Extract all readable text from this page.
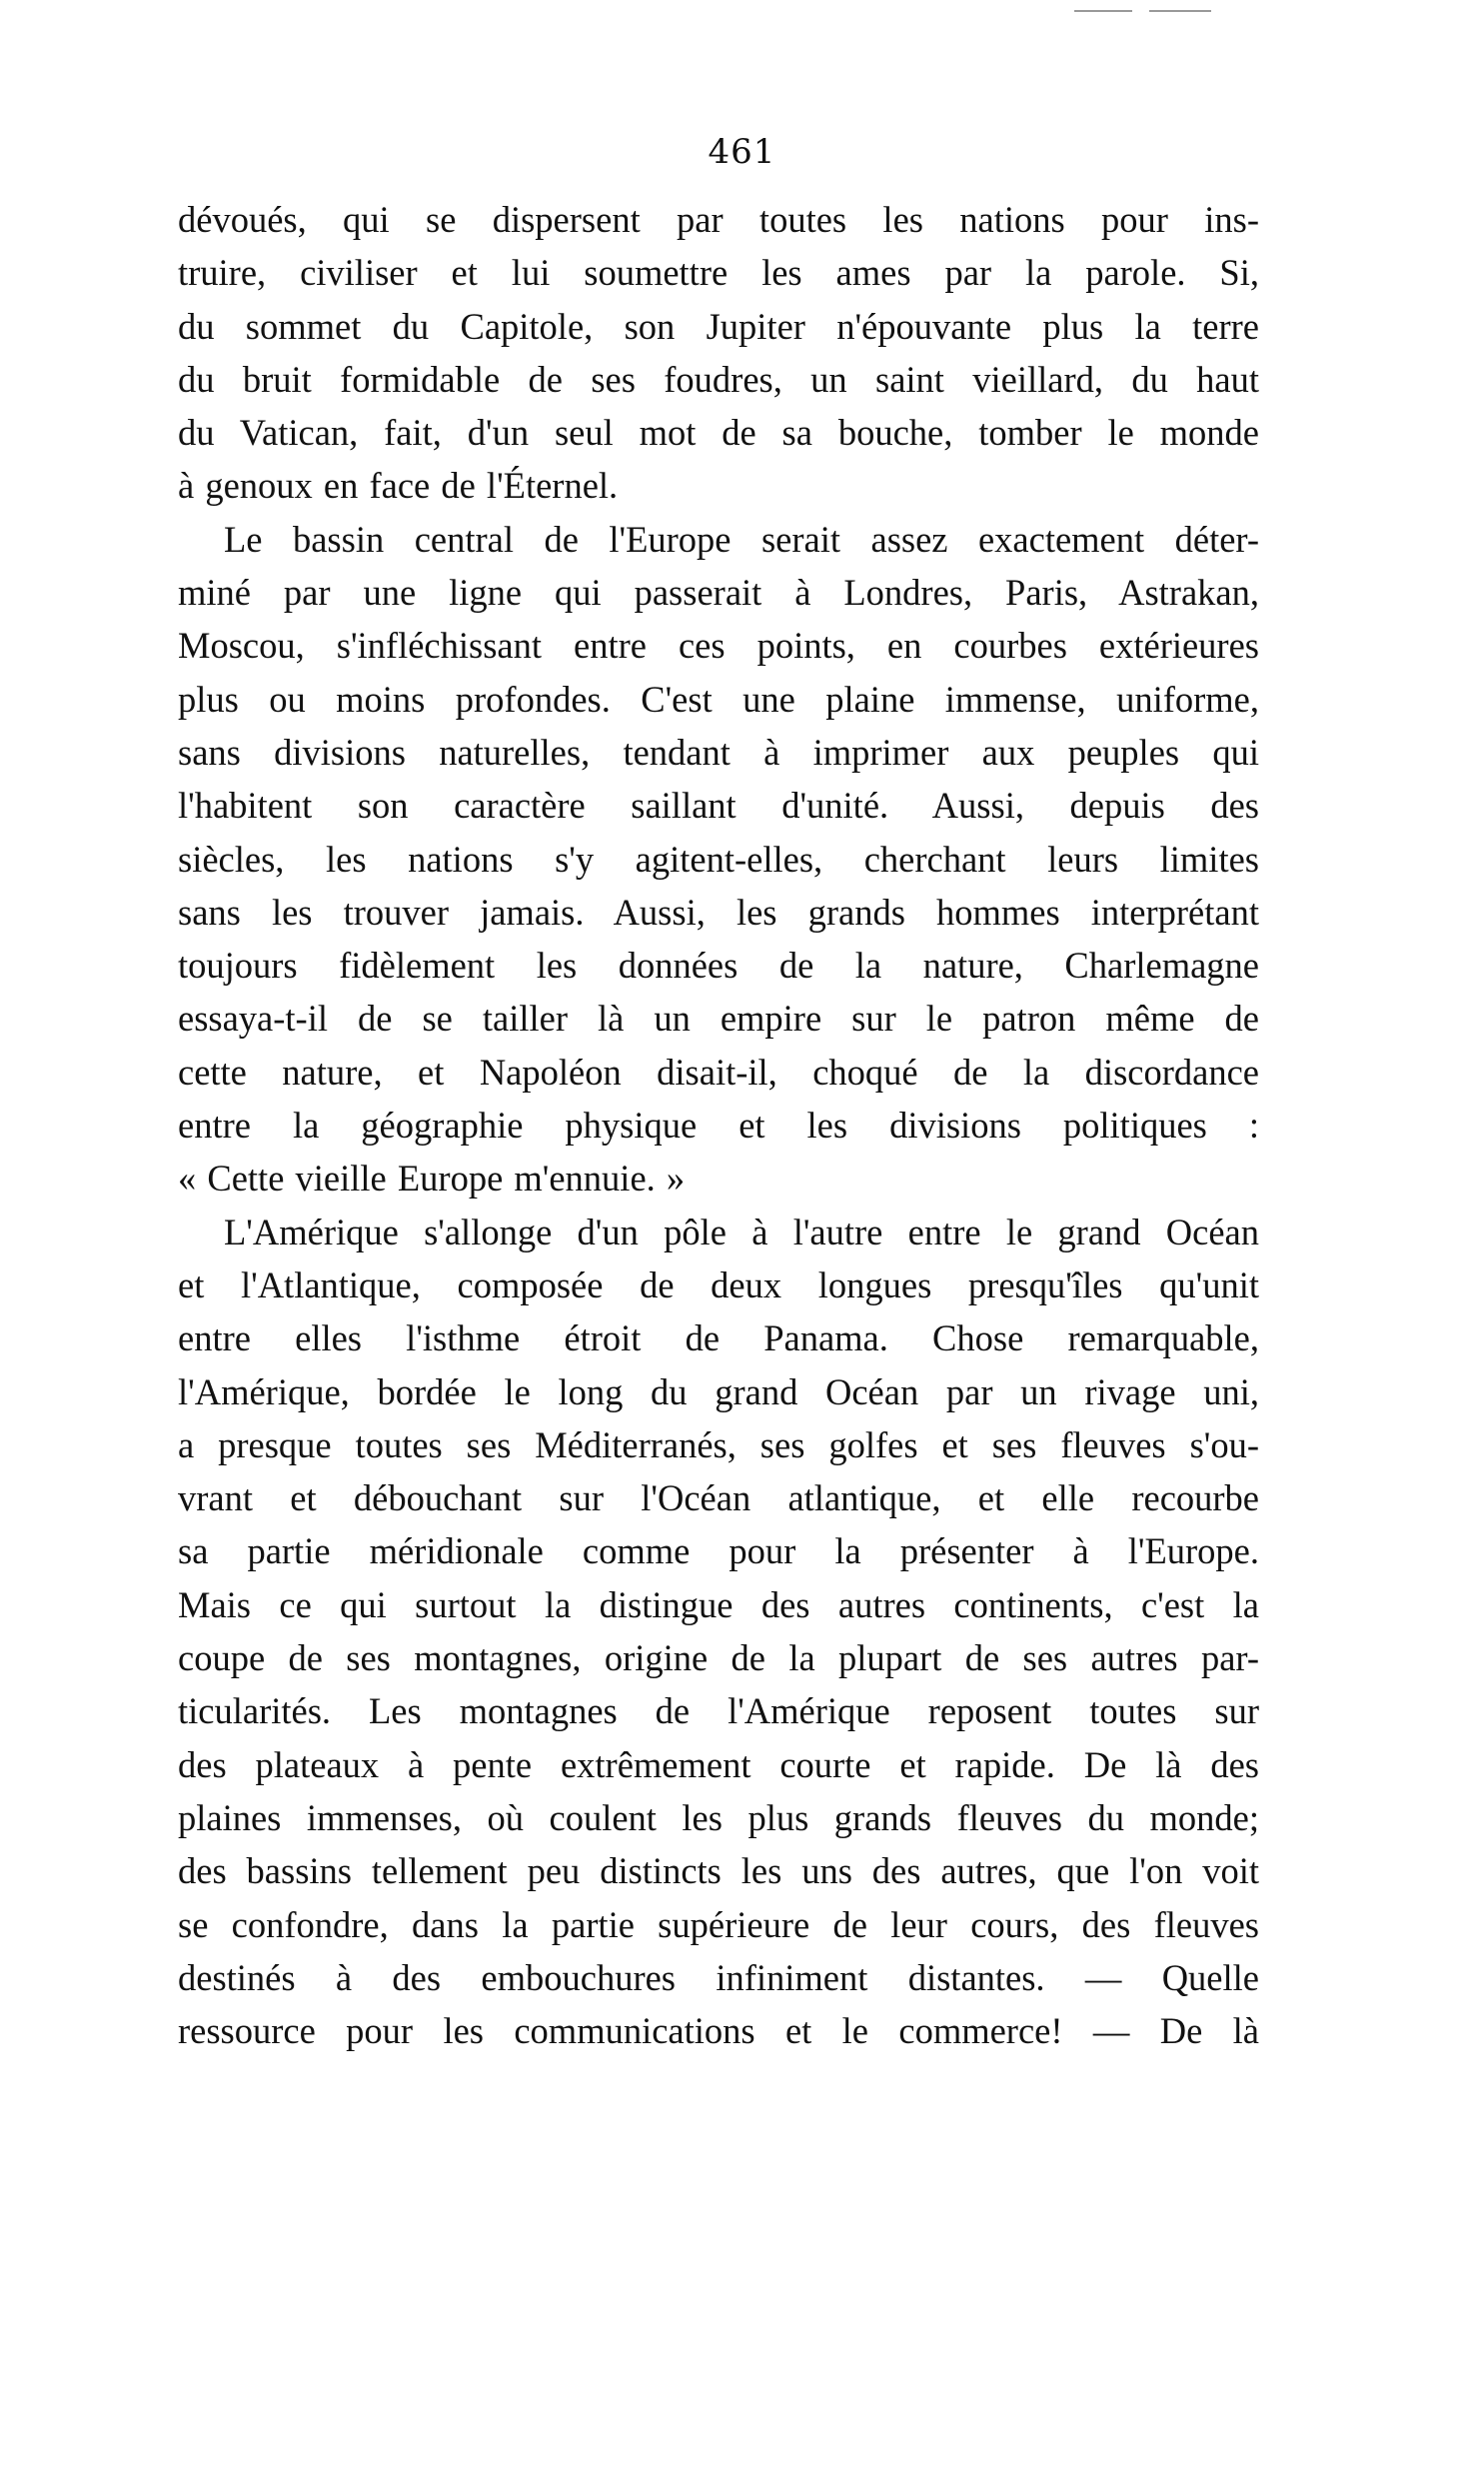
461
dévoués, qui se dispersent par toutes les nations pour ins-
truire, civiliser et lui soumettre les ames par la parole. Si,
du sommet du Capitole, son Jupiter n'épouvante plus la terre
du bruit formidable de ses foudres, un saint vieillard, du haut
du Vatican, fait, d'un seul mot de sa bouche, tomber le monde
à genoux en face de l'Éternel.
Le bassin central de l'Europe serait assez exactement déter-
miné par une ligne qui passerait à Londres, Paris, Astrakan,
Moscou, s'infléchissant entre ces points, en courbes extérieures
plus ou moins profondes. C'est une plaine immense, uniforme,
sans divisions naturelles, tendant à imprimer aux peuples qui
l'habitent son caractère saillant d'unité. Aussi, depuis des
siècles, les nations s'y agitent-elles, cherchant leurs limites
sans les trouver jamais. Aussi, les grands hommes interprétant
toujours fidèlement les données de la nature, Charlemagne
essaya-t-il de se tailler là un empire sur le patron même de
cette nature, et Napoléon disait-il, choqué de la discordance
entre la géographie physique et les divisions politiques :
« Cette vieille Europe m'ennuie. »
L'Amérique s'allonge d'un pôle à l'autre entre le grand Océan
et l'Atlantique, composée de deux longues presqu'îles qu'unit
entre elles l'isthme étroit de Panama. Chose remarquable,
l'Amérique, bordée le long du grand Océan par un rivage uni,
a presque toutes ses Méditerranés, ses golfes et ses fleuves s'ou-
vrant et débouchant sur l'Océan atlantique, et elle recourbe
sa partie méridionale comme pour la présenter à l'Europe.
Mais ce qui surtout la distingue des autres continents, c'est la
coupe de ses montagnes, origine de la plupart de ses autres par-
ticularités. Les montagnes de l'Amérique reposent toutes sur
des plateaux à pente extrêmement courte et rapide. De là des
plaines immenses, où coulent les plus grands fleuves du monde;
des bassins tellement peu distincts les uns des autres, que l'on voit
se confondre, dans la partie supérieure de leur cours, des fleuves
destinés à des embouchures infiniment distantes. — Quelle
ressource pour les communications et le commerce! — De là
